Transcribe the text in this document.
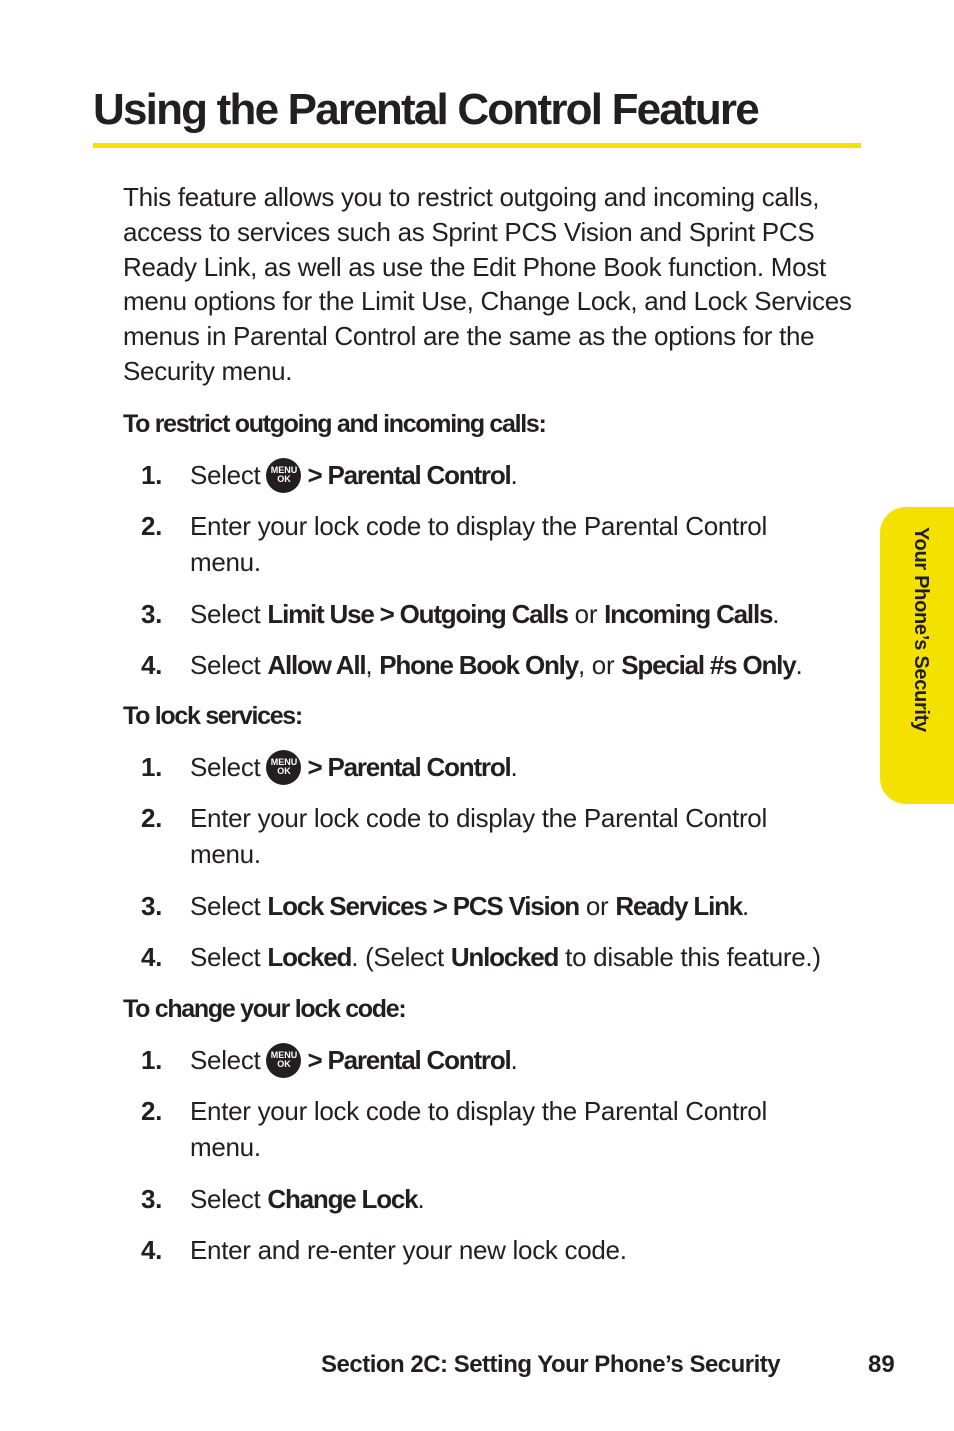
Using the Parental Control Feature

This feature allows you to restrict outgoing and incoming calls, access to services such as Sprint PCS Vision and Sprint PCS Ready Link, as well as use the Edit Phone Book function. Most menu options for the Limit Use, Change Lock, and Lock Services menus in Parental Control are the same as the options for the Security menu.

To restrict outgoing and incoming calls:

1. Select	MENU
OK > Parental Control.
2. Enter your lock code to display the Parental Control menu.
3. Select Limit Use > Outgoing Calls or Incoming Calls.
4. Select Allow All, Phone Book Only, or Special #s Only.

To lock services:

1. Select	MENU
OK > Parental Control.
2. Enter your lock code to display the Parental Control menu.
3. Select Lock Services > PCS Vision or Ready Link.
4. Select Locked. (Select Unlocked to disable this feature.)

To change your lock code:

1. Select	MENU
OK > Parental Control.
2. Enter your lock code to display the Parental Control menu.
3. Select Change Lock.
4. Enter and re-enter your new lock code.
Your Phone’s Security

Section 2C: Setting Your Phone’s Security	89
